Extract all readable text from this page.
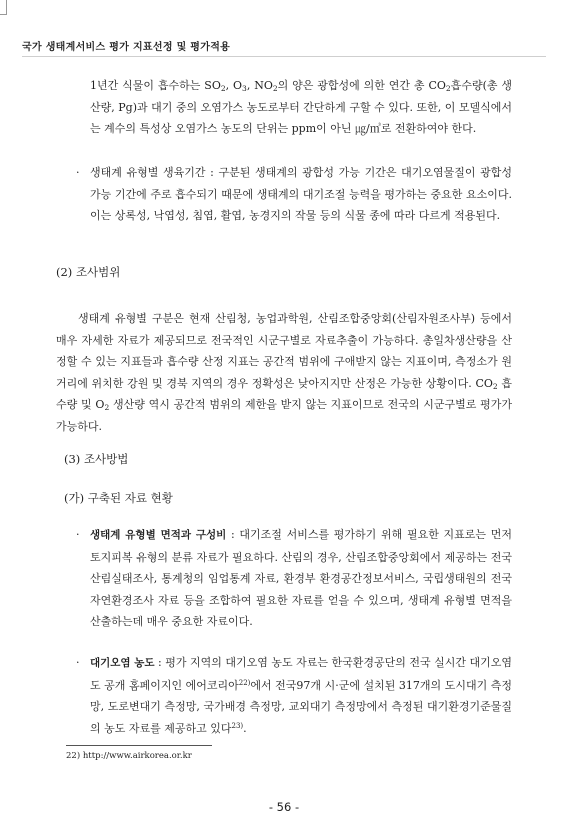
국가 생태계서비스 평가 지표선정 및 평가적용
1년간 식물이 흡수하는 $SO_2$, $O_3$, $NO_2$의 양은 광합성에 의한 연간 총 $CO_2$흡수량(총 생산량, Pg)과 대기 중의 오염가스 농도로부터 간단하게 구할 수 있다. 또한, 이 모델식에서는 계수의 특성상 오염가스 농도의 단위는 ppm이 아닌 ㎍/㎥로 전환하여야 한다.
· 생태계 유형별 생육기간 : 구분된 생태계의 광합성 가능 기간은 대기오염물질이 광합성 가능 기간에 주로 흡수되기 때문에 생태계의 대기조절 능력을 평가하는 중요한 요소이다. 이는 상록성, 낙엽성, 침엽, 활엽, 농경지의 작물 등의 식물 종에 따라 다르게 적용된다.
(2) 조사범위
생태계 유형별 구분은 현재 산림청, 농업과학원, 산림조합중앙회(산림자원조사부) 등에서 매우 자세한 자료가 제공되므로 전국적인 시군구별로 자료추출이 가능하다. 총일차생산량을 산정할 수 있는 지표들과 흡수량 산정 지표는 공간적 범위에 구애받지 않는 지표이며, 측정소가 원거리에 위치한 강원 및 경북 지역의 경우 정확성은 낮아지지만 산정은 가능한 상황이다. $CO_2$ 흡수량 및 $O_2$ 생산량 역시 공간적 범위의 제한을 받지 않는 지표이므로 전국의 시군구별로 평가가 가능하다.
(3) 조사방법
(가) 구축된 자료 현황
· 생태계 유형별 면적과 구성비 : 대기조절 서비스를 평가하기 위해 필요한 지표로는 먼저 토지피복 유형의 분류 자료가 필요하다. 산림의 경우, 산림조합중앙회에서 제공하는 전국산림실태조사, 통계청의 임업통계 자료, 환경부 환경공간정보서비스, 국립생태원의 전국자연환경조사 자료 등을 조합하여 필요한 자료를 얻을 수 있으며, 생태계 유형별 면적을 산출하는데 매우 중요한 자료이다.
· 대기오염 농도 : 평가 지역의 대기오염 농도 자료는 한국환경공단의 전국 실시간 대기오염도 공개 홈페이지인 에어코리아$^{22)}$에서 전국97개 시·군에 설치된 317개의 도시대기 측정망, 도로변대기 측정망, 국가배경 측정망, 교외대기 측정망에서 측정된 대기환경기준물질의 농도 자료를 제공하고 있다$^{23)}$.
22) http://www.airkorea.or.kr
- 56 -
